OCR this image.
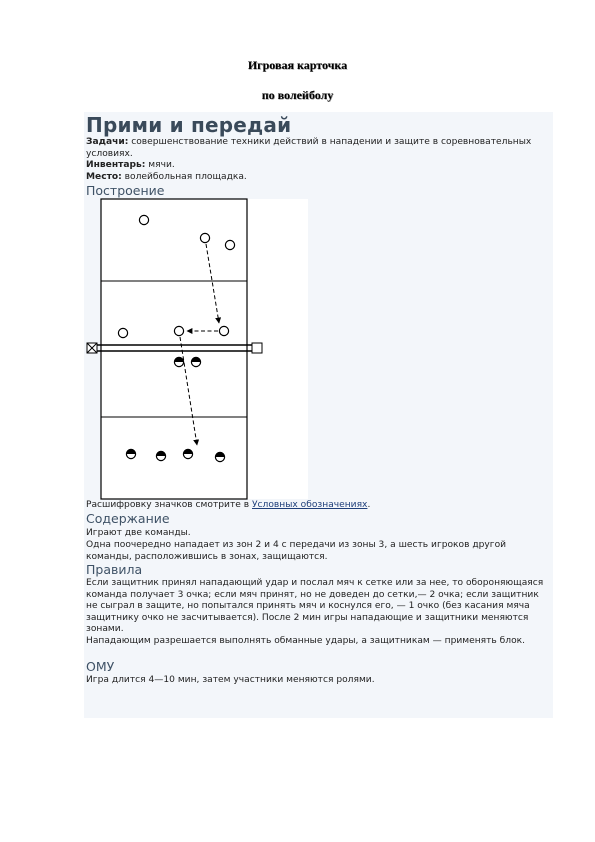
Игровая карточка
по волейболу
Прими и передай
Задачи: совершенствование техники действий в нападении и защите в соревновательных условиях.
Инвентарь: мячи.
Место: волейбольная площадка.
Построение
Расшифровку значков смотрите в Условных обозначениях.
Содержание
Играют две команды.
Одна поочередно нападает из зон 2 и 4 с передачи из зоны 3, а шесть игроков другой команды, расположившись в зонах, защищаются.
Правила
Если защитник принял нападающий удар и послал мяч к сетке или за нее, то обороняющаяся команда получает 3 очка; если мяч принят, но не доведен до сетки,— 2 очка; если защитник не сыграл в защите, но попытался принять мяч и коснулся его, — 1 очко (без касания мяча защитнику очко не засчитывается). После 2 мин игры нападающие и защитники меняются зонами.
Нападающим разрешается выполнять обманные удары, а защитникам — применять блок.
ОМУ
Игра длится 4—10 мин, затем участники меняются ролями.
